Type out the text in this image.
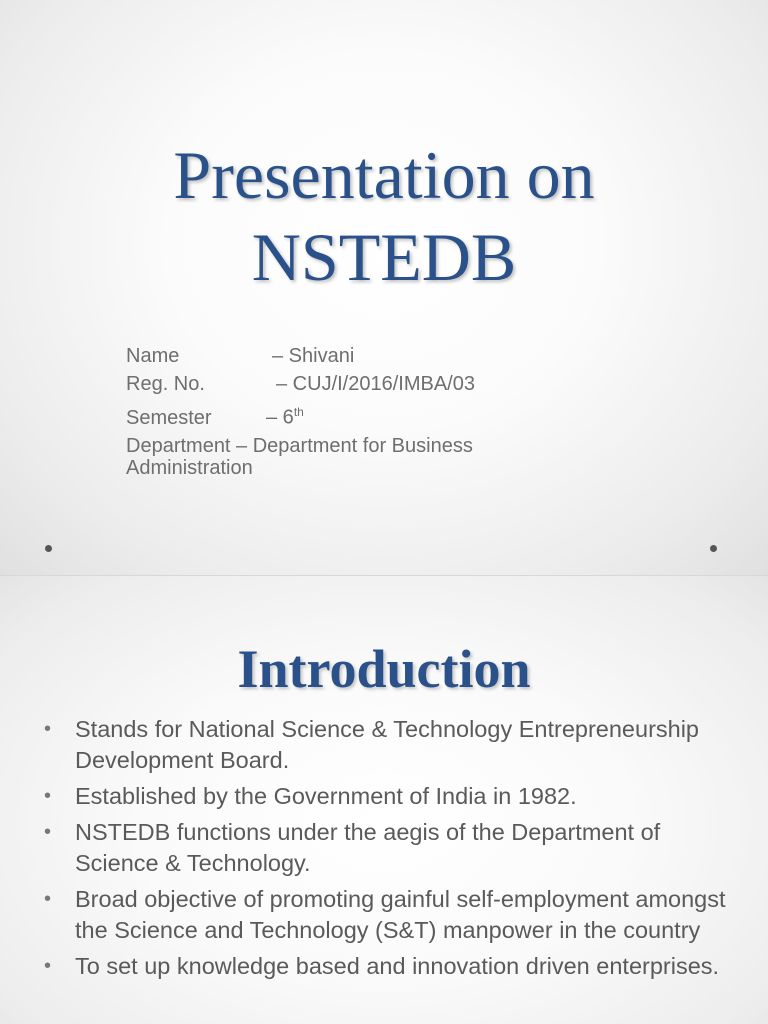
Presentation on
NSTEDB
Name	– Shivani
Reg. No.	– CUJ/I/2016/IMBA/03
Semester	– 6th
Department – Department for Business Administration
Introduction
• Stands for National Science & Technology Entrepreneurship Development Board.
• Established by the Government of India in 1982.
• NSTEDB functions under the aegis of the Department of Science & Technology.
• Broad objective of promoting gainful self-employment amongst the Science and Technology (S&T) manpower in the country
• To set up knowledge based and innovation driven enterprises.
